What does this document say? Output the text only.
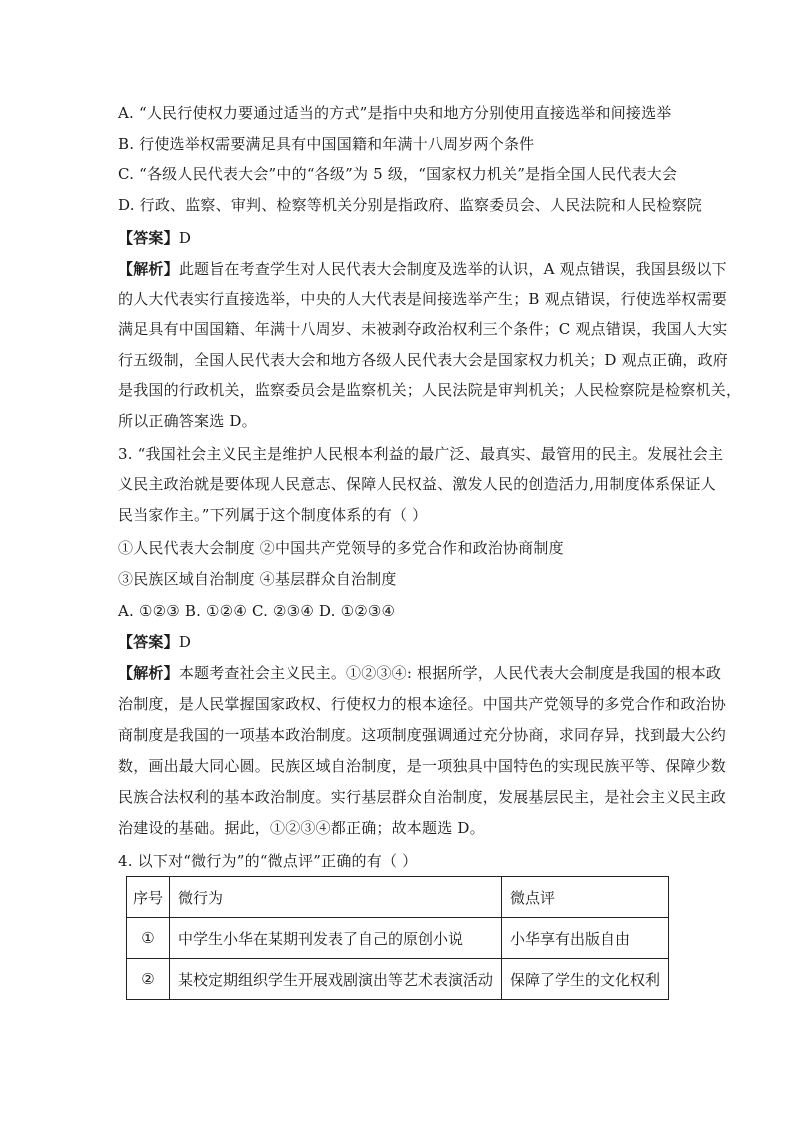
A. “人民行使权力要通过适当的方式”是指中央和地方分别使用直接选举和间接选举
B. 行使选举权需要满足具有中国国籍和年满十八周岁两个条件
C. “各级人民代表大会”中的“各级”为 5 级，“国家权力机关”是指全国人民代表大会
D. 行政、监察、审判、检察等机关分别是指政府、监察委员会、人民法院和人民检察院
【答案】D
【解析】此题旨在考查学生对人民代表大会制度及选举的认识，A 观点错误，我国县级以下
的人大代表实行直接选举，中央的人大代表是间接选举产生；B 观点错误，行使选举权需要
满足具有中国国籍、年满十八周岁、未被剥夺政治权利三个条件；C 观点错误，我国人大实
行五级制，全国人民代表大会和地方各级人民代表大会是国家权力机关；D 观点正确，政府
是我国的行政机关，监察委员会是监察机关；人民法院是审判机关；人民检察院是检察机关，
所以正确答案选 D。
3. “我国社会主义民主是维护人民根本利益的最广泛、最真实、最管用的民主。发展社会主
义民主政治就是要体现人民意志、保障人民权益、激发人民的创造活力,用制度体系保证人
民当家作主。”下列属于这个制度体系的有（ ）
①人民代表大会制度 ②中国共产党领导的多党合作和政治协商制度
③民族区域自治制度 ④基层群众自治制度
A. ①②③ B. ①②④ C. ②③④ D. ①②③④
【答案】D
【解析】本题考查社会主义民主。①②③④: 根据所学，人民代表大会制度是我国的根本政
治制度，是人民掌握国家政权、行使权力的根本途径。中国共产党领导的多党合作和政治协
商制度是我国的一项基本政治制度。这项制度强调通过充分协商，求同存异，找到最大公约
数，画出最大同心圆。民族区域自治制度，是一项独具中国特色的实现民族平等、保障少数
民族合法权利的基本政治制度。实行基层群众自治制度，发展基层民主，是社会主义民主政
治建设的基础。据此，①②③④都正确；故本题选 D。
4. 以下对“微行为”的“微点评”正确的有（ ）
序号	微行为	微点评
①	中学生小华在某期刊发表了自己的原创小说	小华享有出版自由
②	某校定期组织学生开展戏剧演出等艺术表演活动	保障了学生的文化权利
